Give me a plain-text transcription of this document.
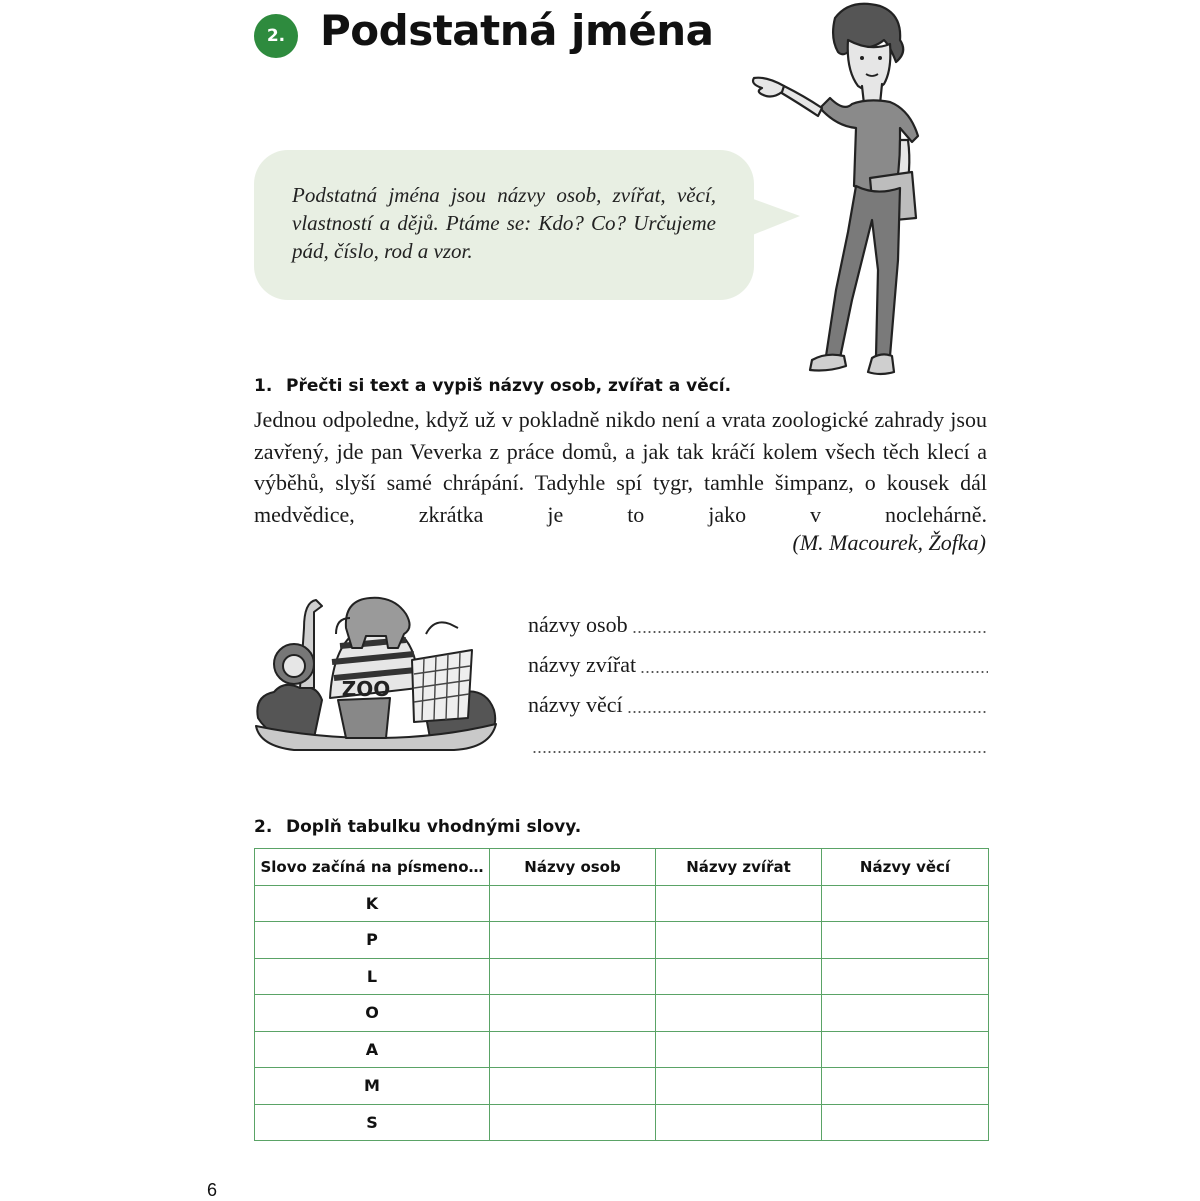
2. Podstatná jména
Podstatná jména jsou názvy osob, zvířat, věcí, vlastností a dějů. Ptáme se: Kdo? Co? Určujeme pád, číslo, rod a vzor.
1. Přečti si text a vypiš názvy osob, zvířat a věcí.
Jednou odpoledne, když už v pokladně nikdo není a vrata zoologické zahrady jsou zavřený, jde pan Veverka z práce domů, a jak tak kráčí kolem všech těch klecí a výběhů, slyší samé chrápání. Tadyhle spí tygr, tamhle šimpanz, o kousek dál medvědice, zkrátka je to jako v noclehárně.
(M. Macourek, Žofka)
ZOO
názvy osob
názvy zvířat
názvy věcí
2. Doplň tabulku vhodnými slovy.
Slovo začíná na písmeno…	Názvy osob	Názvy zvířat	Názvy věcí
K			
P			
L			
O			
A			
M			
S			
6
